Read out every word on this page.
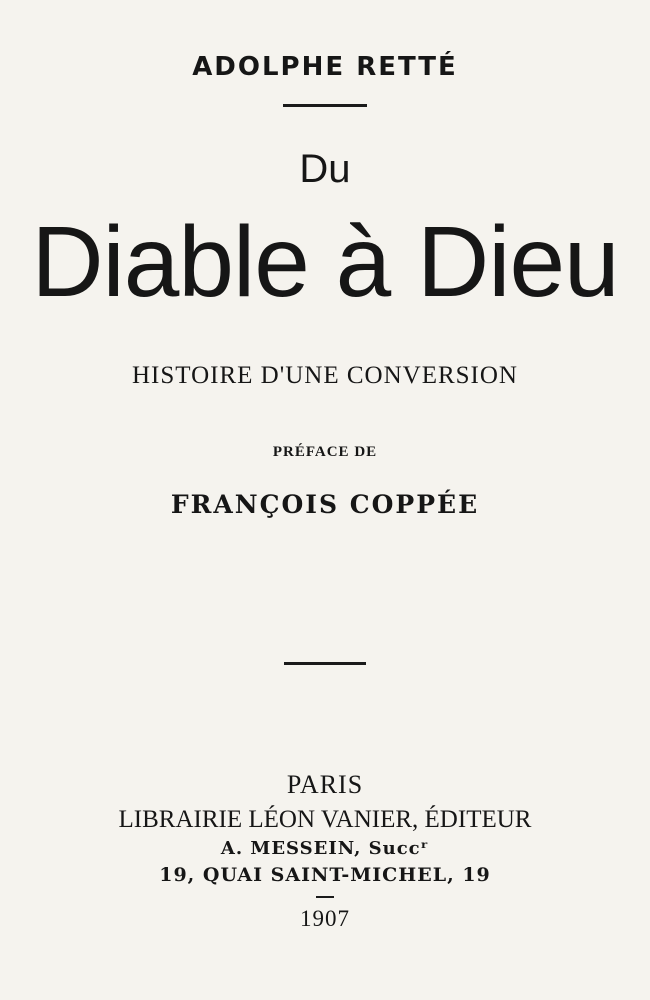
ADOLPHE RETTÉ
Du
Diable à Dieu
HISTOIRE D'UNE CONVERSION
PRÉFACE DE
FRANÇOIS COPPÉE
PARIS
LIBRAIRIE LÉON VANIER, ÉDITEUR
A. MESSEIN, Succʳ
19, QUAI SAINT-MICHEL, 19
1907
